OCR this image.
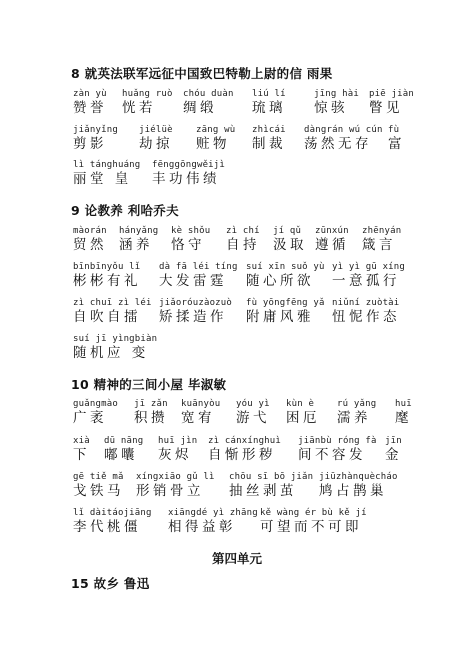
8 就英法联军远征中国致巴特勒上尉的信 雨果
zàn yù
赞誉
huǎng ruò
恍若
chóu duàn
绸缎
liú lí
琉璃
jīng hài
惊骇
piē jiàn
瞥见
jiǎnyǐng
剪影
jiélüè
劫掠
zāng wù
赃物
zhìcái
制裁
dàngrán wú cún
荡然无存
fù
富
lì tánghuáng
丽堂 皇
fēnggōngwěijì
丰功伟绩
9 论教养 利哈乔夫
màorán
贸然
hányǎng
涵养
kè shǒu
恪守
zì chí
自持
jí qǔ
汲取
zūnxún
遵循
zhēnyán
箴言
bīnbīnyǒu lǐ
彬彬有礼
dà fā léi tíng
大发雷霆
suí xīn suǒ yù
随心所欲
yì yì gū xíng
一意孤行
zì chuī zì léi
自吹自擂
jiǎoróuzàozuò
矫揉造作
fù yōngfēng yǎ
附庸风雅
niǔní zuòtài
忸怩作态
suí jī yìngbiàn
随机应 变
10 精神的三间小屋 毕淑敏
guǎngmào
广袤
jī zǎn
积攒
kuānyòu
宽宥
yóu yì
游弋
kùn è
困厄
rú yǎng
濡养
huī
麾
xià
下
dū nāng
嘟囔
huī jìn
灰烬
zì cánxínghuì
自惭形秽
jiānbù róng fà
间不容发
jīn
金
gē tiě mǎ
戈铁马
xíngxiāo gǔ lì
形销骨立
chōu sī bō jiǎn
抽丝剥茧
jiūzhànquècháo
鸠占鹊巢
lǐ dàitáojiāng
李代桃僵
xiāngdé yì zhāng
相得益彰
kě wàng ér bù kě jí
可望而不可即
第四单元
15 故乡 鲁迅
